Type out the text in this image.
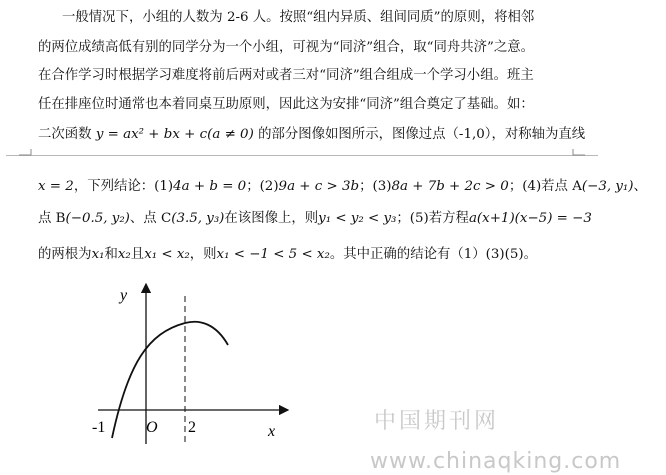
一般情况下，小组的人数为 2-6 人。按照“组内异质、组间同质”的原则，将相邻
的两位成绩高低有别的同学分为一个小组，可视为“同济”组合，取“同舟共济”之意。
在合作学习时根据学习难度将前后两对或者三对“同济”组合组成一个学习小组。班主
任在排座位时通常也本着同桌互助原则，因此这为安排“同济”组合奠定了基础。如：
二次函数 y = ax² + bx + c(a ≠ 0) 的部分图像如图所示，图像过点（-1,0），对称轴为直线
x = 2，下列结论：(1)4a + b = 0；(2)9a + c > 3b；(3)8a + 7b + 2c > 0；(4)若点 A(−3, y₁)、
点 B(−0.5, y₂)、点 C(3.5, y₃)在该图像上，则y₁ < y₂ < y₃；(5)若方程a(x+1)(x−5) = −3
的两根为x₁和x₂且x₁ < x₂，则x₁ < −1 < 5 < x₂。其中正确的结论有（1）(3)(5)。
y
x
O
-1	2	中国期刊网
www.chinaqking.com
